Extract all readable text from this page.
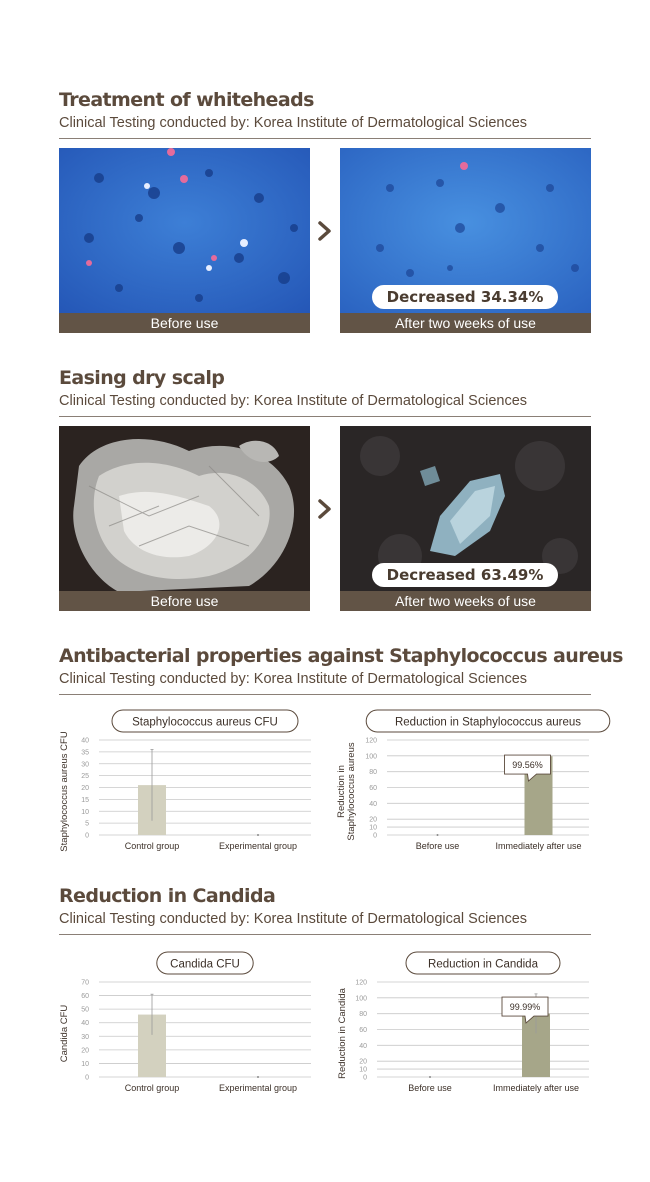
Treatment of whiteheads
Clinical Testing conducted by: Korea Institute of Dermatological Sciences
Before use
Decreased 34.34%
After two weeks of use
Easing dry scalp
Clinical Testing conducted by: Korea Institute of Dermatological Sciences
Before use
Decreased 63.49%
After two weeks of use
Antibacterial properties against Staphylococcus aureus
Clinical Testing conducted by: Korea Institute of Dermatological Sciences
Staphylococcus aureus CFU
0
5
10
15
20
25
30
35
40
Staphylococcus aureus CFU	Control group	Experimental group
Reduction in Staphylococcus aureus
0
10
20
40
60
80
100
120
Reduction inStaphylococcus aureus
Before use	Immediately after use
99.56%
Reduction in Candida
Clinical Testing conducted by: Korea Institute of Dermatological Sciences
Candida CFU
0
10
20
30
40
50
60
70
Candida CFU
Control group	Experimental group
Reduction in Candida
0
10
20
40
60
80
100
120
Reduction in Candida
Before use	Immediately after use
99.99%
